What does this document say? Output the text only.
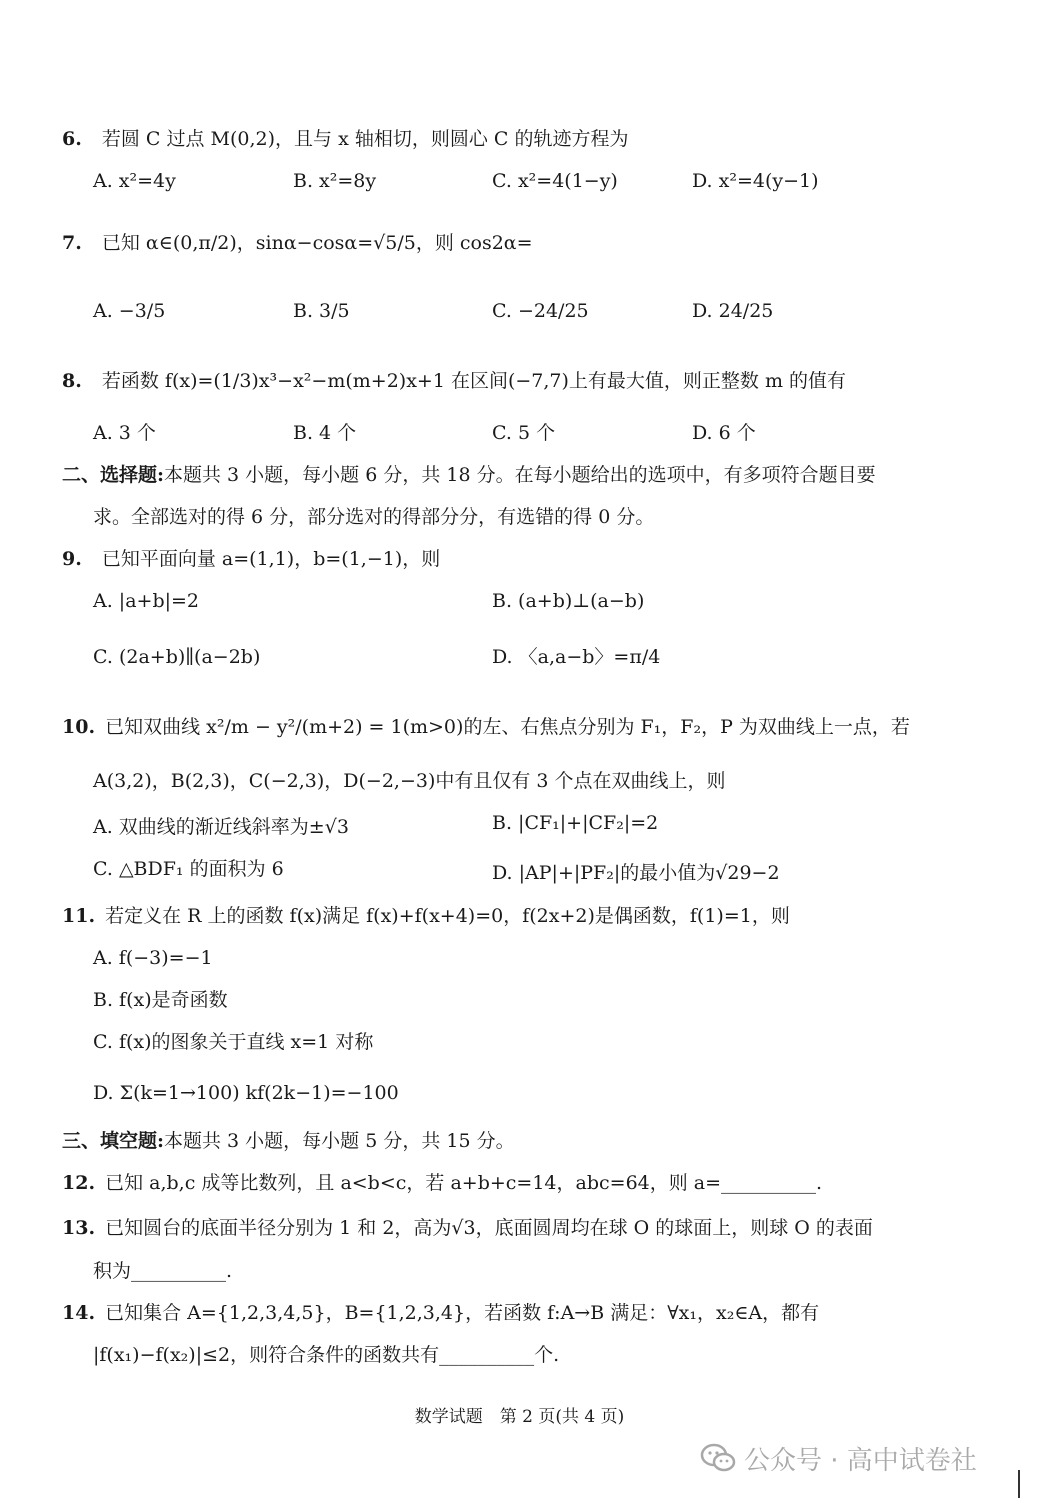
6. 若圆 C 过点 M(0,2)，且与 x 轴相切，则圆心 C 的轨迹方程为
A. x²=4y	B. x²=8y	C. x²=4(1−y)	D. x²=4(y−1)
7. 已知 α∈(0,π/2)，sinα−cosα=√5/5，则 cos2α=
A. −3/5	B. 3/5	C. −24/25	D. 24/25
8. 若函数 f(x)=(1/3)x³−x²−m(m+2)x+1 在区间(−7,7)上有最大值，则正整数 m 的值有
A. 3 个	B. 4 个	C. 5 个	D. 6 个
二、选择题:本题共 3 小题，每小题 6 分，共 18 分。在每小题给出的选项中，有多项符合题目要
求。全部选对的得 6 分，部分选对的得部分分，有选错的得 0 分。
9. 已知平面向量 a=(1,1)，b=(1,−1)，则
A. |a+b|=2	B. (a+b)⊥(a−b)
C. (2a+b)∥(a−2b)	D. 〈a,a−b〉=π/4
10. 已知双曲线 x²/m − y²/(m+2) = 1(m>0)的左、右焦点分别为 F₁，F₂，P 为双曲线上一点，若
A(3,2)，B(2,3)，C(−2,3)，D(−2,−3)中有且仅有 3 个点在双曲线上，则
A. 双曲线的渐近线斜率为±√3	B. |CF₁|+|CF₂|=2
C. △BDF₁ 的面积为 6	D. |AP|+|PF₂|的最小值为√29−2
11. 若定义在 R 上的函数 f(x)满足 f(x)+f(x+4)=0，f(2x+2)是偶函数，f(1)=1，则
A. f(−3)=−1
B. f(x)是奇函数
C. f(x)的图象关于直线 x=1 对称
D. Σ(k=1→100) kf(2k−1)=−100
三、填空题:本题共 3 小题，每小题 5 分，共 15 分。
12. 已知 a,b,c 成等比数列，且 a<b<c，若 a+b+c=14，abc=64，则 a=__________.
13. 已知圆台的底面半径分别为 1 和 2，高为√3，底面圆周均在球 O 的球面上，则球 O 的表面
积为__________.
14. 已知集合 A={1,2,3,4,5}，B={1,2,3,4}，若函数 f:A→B 满足：∀x₁，x₂∈A，都有
|f(x₁)−f(x₂)|≤2，则符合条件的函数共有__________个.
数学试题　第 2 页(共 4 页)
公众号 · 高中试卷社
